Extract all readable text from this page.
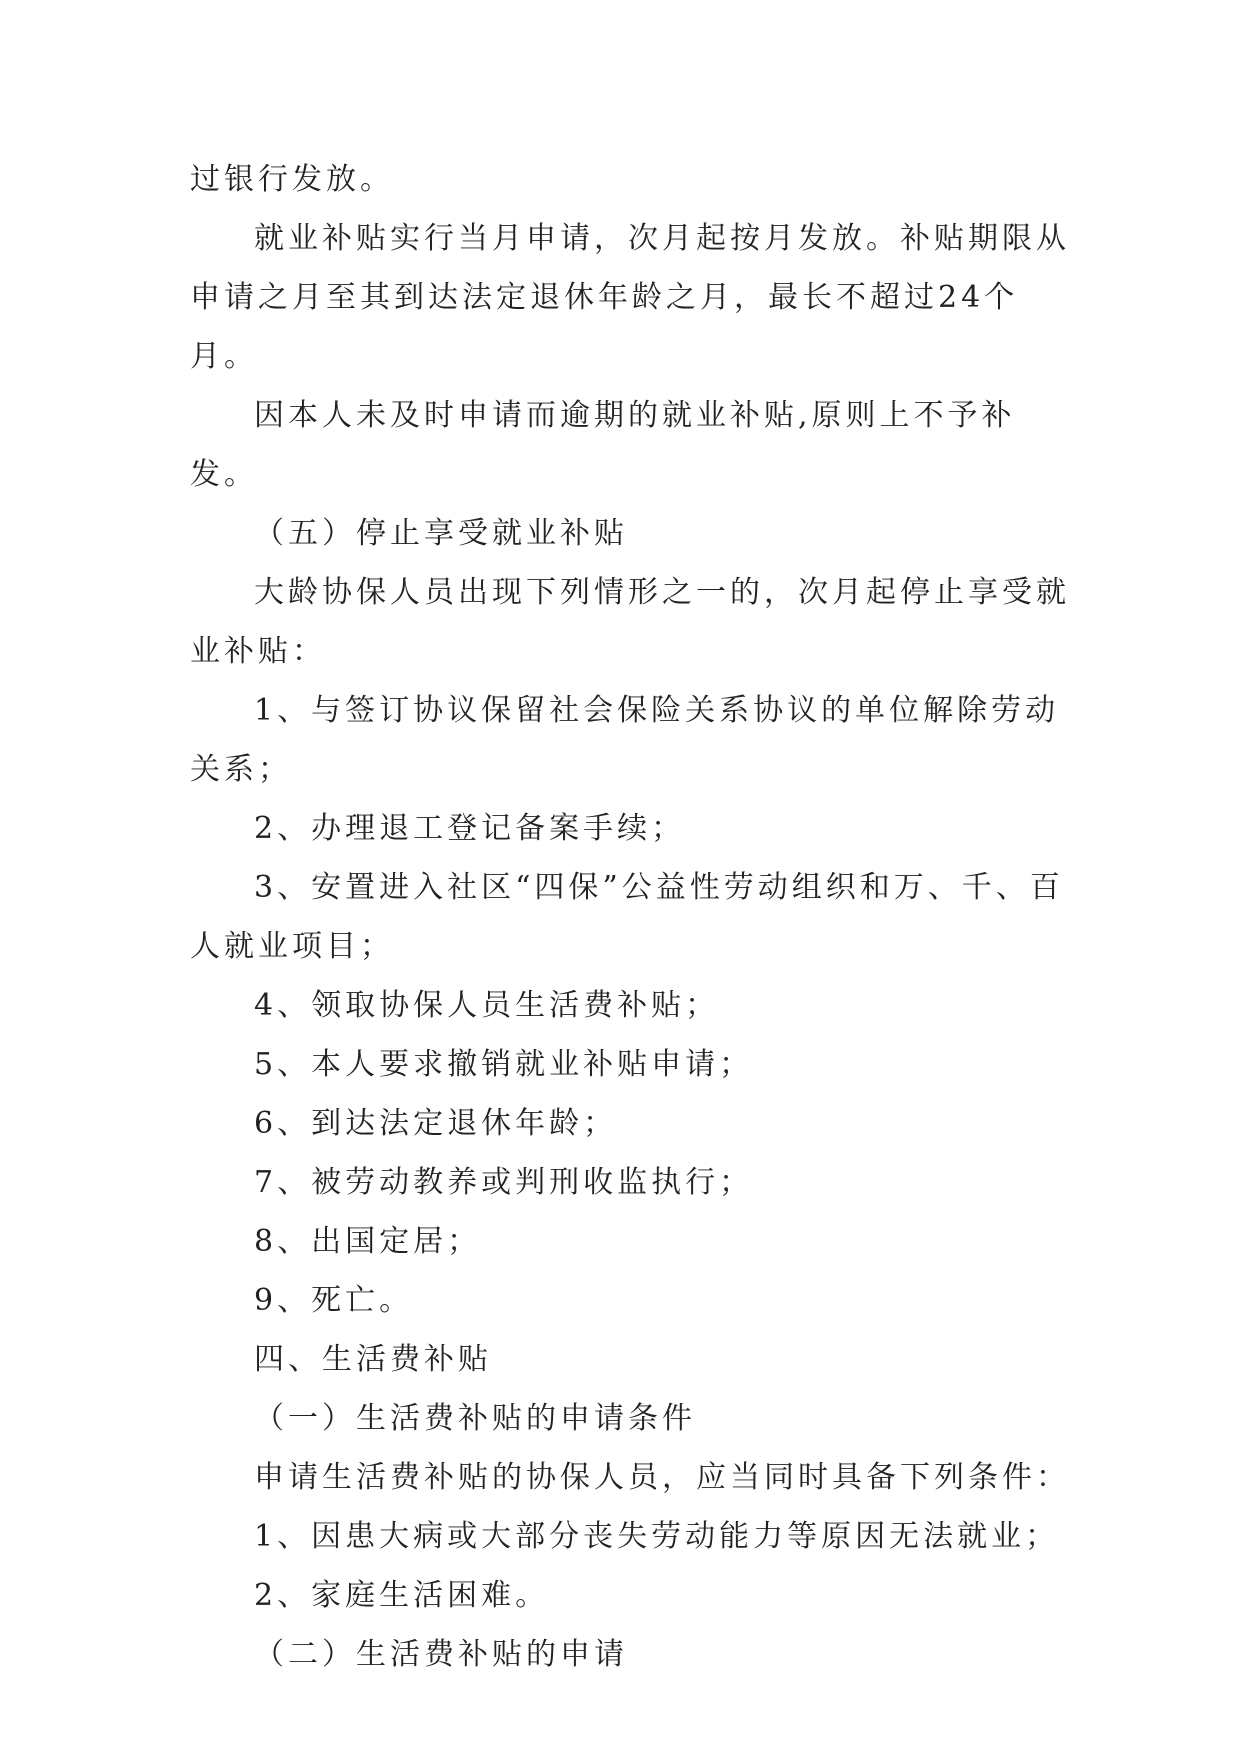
过银行发放。

就业补贴实行当月申请，次月起按月发放。补贴期限从申请之月至其到达法定退休年龄之月，最长不超过24个月。

因本人未及时申请而逾期的就业补贴,原则上不予补发。

（五）停止享受就业补贴

大龄协保人员出现下列情形之一的，次月起停止享受就业补贴：

1、与签订协议保留社会保险关系协议的单位解除劳动关系；

2、办理退工登记备案手续；

3、安置进入社区“四保”公益性劳动组织和万、千、百人就业项目；

4、领取协保人员生活费补贴；

5、本人要求撤销就业补贴申请；

6、到达法定退休年龄；

7、被劳动教养或判刑收监执行；

8、出国定居；

9、死亡。

四、生活费补贴

（一）生活费补贴的申请条件

申请生活费补贴的协保人员，应当同时具备下列条件：

1、因患大病或大部分丧失劳动能力等原因无法就业；

2、家庭生活困难。

（二）生活费补贴的申请
